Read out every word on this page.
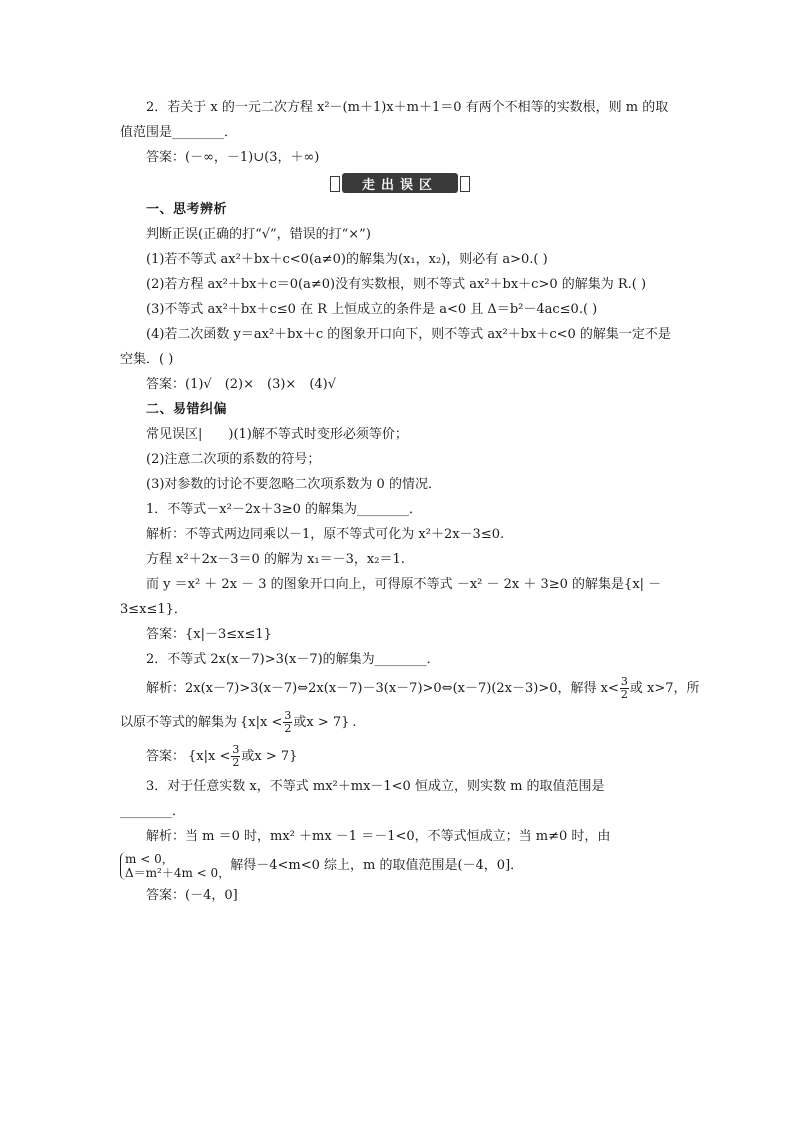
2．若关于 x 的一元二次方程 x²－(m＋1)x＋m＋1＝0 有两个不相等的实数根，则 m 的取
值范围是________．
答案：(－∞，－1)∪(3，＋∞)
走出误区
一、思考辨析
判断正误(正确的打“√”，错误的打“×”)
(1)若不等式 ax²＋bx＋c<0(a≠0)的解集为(x₁，x₂)，则必有 a>0.( )
(2)若方程 ax²＋bx＋c＝0(a≠0)没有实数根，则不等式 ax²＋bx＋c>0 的解集为 R.( )
(3)不等式 ax²＋bx＋c≤0 在 R 上恒成立的条件是 a<0 且 Δ＝b²－4ac≤0.( )
(4)若二次函数 y＝ax²＋bx＋c 的图象开口向下，则不等式 ax²＋bx＋c<0 的解集一定不是
空集．( )
答案：(1)√　(2)×　(3)×　(4)√
二、易错纠偏
常见误区|　　)(1)解不等式时变形必须等价；
(2)注意二次项的系数的符号；
(3)对参数的讨论不要忽略二次项系数为 0 的情况．
1．不等式－x²－2x＋3≥0 的解集为________．
解析：不等式两边同乘以－1，原不等式可化为 x²＋2x－3≤0.
方程 x²＋2x－3＝0 的解为 x₁＝－3，x₂＝1.
而 y ＝x² ＋ 2x － 3 的图象开口向上，可得原不等式 －x² － 2x ＋ 3≥0 的解集是{x| －
3≤x≤1}．
答案：{x|－3≤x≤1}
2．不等式 2x(x－7)>3(x－7)的解集为________．
解析：2x(x－7)>3(x－7)⇔2x(x－7)－3(x－7)>0⇔(x－7)(2x－3)>0，解得 $x< \frac{3}{2}$ 或 x>7，所
以原不等式的解集为 {$x|x < \frac{3}{2}$ 或x > 7} .
答案： {$x|x < \frac{3}{2}$ 或x > 7}
3．对于任意实数 x，不等式 mx²＋mx－1<0 恒成立，则实数 m 的取值范围是
________．
解析：当 m ＝0 时，mx² ＋mx －1 ＝－1<0，不等式恒成立；当 m≠0 时，由
m < 0，
Δ＝m²＋4m < 0， 解得－4<m<0 综上，m 的取值范围是(－4，0]．
答案：(－4，0]
